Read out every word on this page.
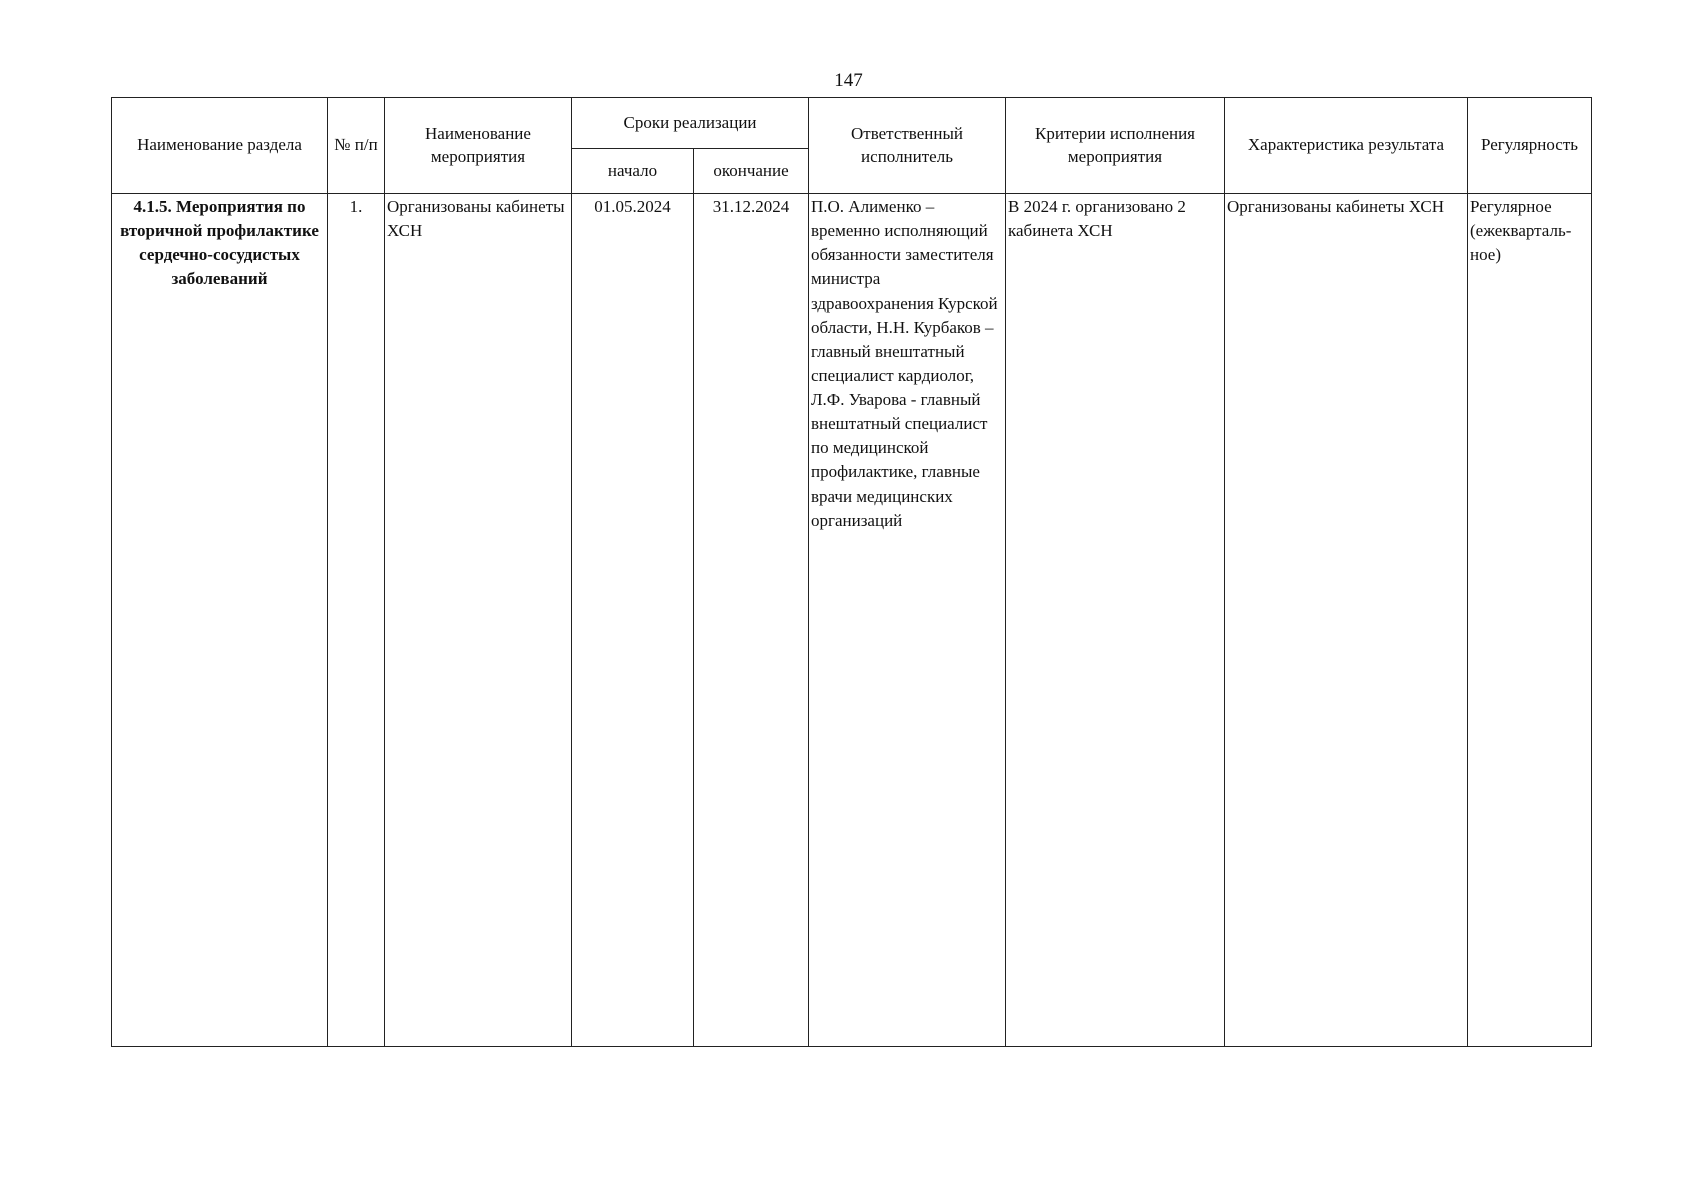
147
Наименование раздела	№ п/п	Наименование мероприятия	Сроки реализации		Ответственный исполнитель	Критерии исполнения мероприятия	Характеристика результата	Регулярность
			начало	окончание				
4.1.5. Мероприятия по вторичной профилактике сердечно-сосудистых заболеваний	1.	Организованы кабинеты ХСН	01.05.2024	31.12.2024	П.О. Алименко – временно исполняющий обязанности заместителя министра здравоохранения Курской области, Н.Н. Курбаков – главный внештатный специалист кардиолог, Л.Ф. Уварова - главный внештатный специалист по медицинской профилактике, главные врачи медицинских организаций	В 2024 г. организовано 2 кабинета ХСН	Организованы кабинеты ХСН	Регулярное (ежекварталь-ное)
